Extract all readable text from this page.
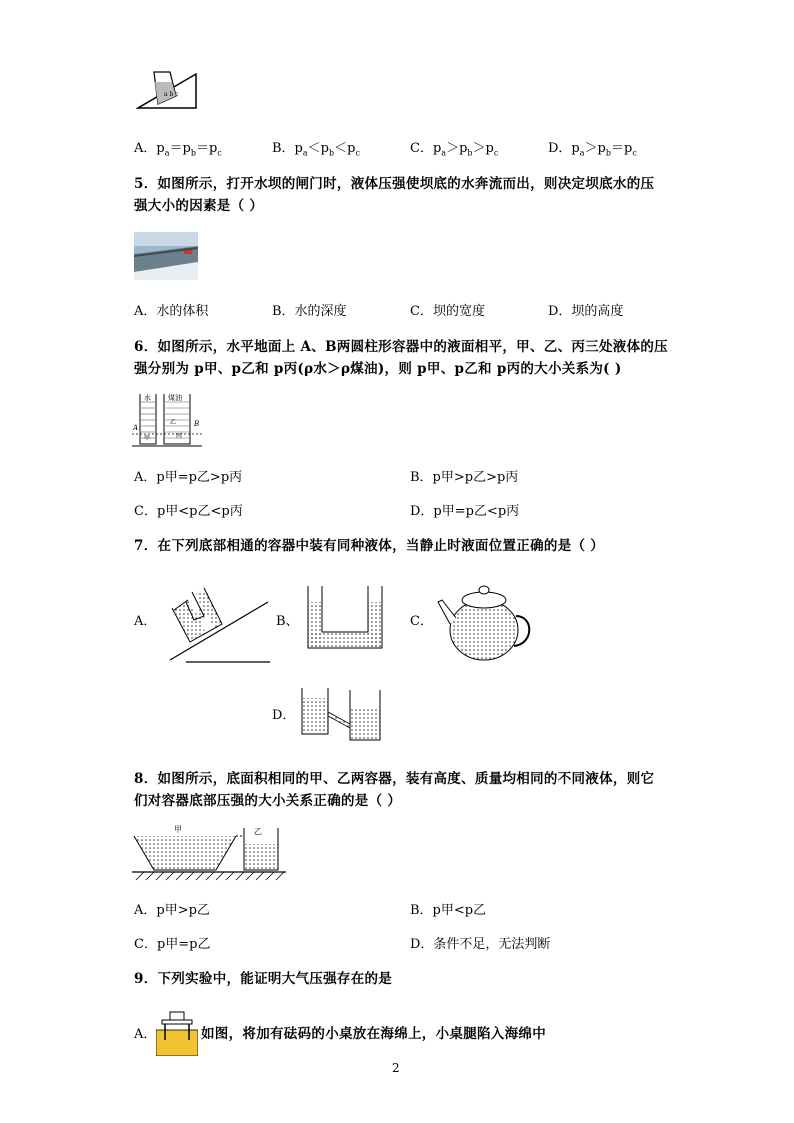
a b c
A．$p_a=p_b=p_c$	B．$p_a<p_b<p_c$	C．$p_a>p_b>p_c$	D．$p_a>p_b=p_c$
5．如图所示，打开水坝的闸门时，液体压强使坝底的水奔流而出，则决定坝底水的压
强大小的因素是（ ）
A．水的体积	B．水的深度	C．坝的宽度	D．坝的高度
6．如图所示，水平地面上 A、B两圆柱形容器中的液面相平，甲、乙、丙三处液体的压
强分别为 p甲、p乙和 p丙(ρ水＞ρ煤油)，则 p甲、p乙和 p丙的大小关系为( )
水 煤油
A	B
甲
乙
丙
A．p甲=p乙>p丙	B．p甲>p乙>p丙
C．p甲<p乙<p丙	D．p甲=p乙<p丙
7．在下列底部相通的容器中装有同种液体，当静止时液面位置正确的是（ ）
A．	B、	C．
D．
8．如图所示，底面积相同的甲、乙两容器，装有高度、质量均相同的不同液体，则它
们对容器底部压强的大小关系正确的是（ ）
甲	乙
A．p甲>p乙	B．p甲<p乙
C．p甲=p乙	D．条件不足，无法判断
9．下列实验中，能证明大气压强存在的是
A．	如图，将加有砝码的小桌放在海绵上，小桌腿陷入海绵中
2
